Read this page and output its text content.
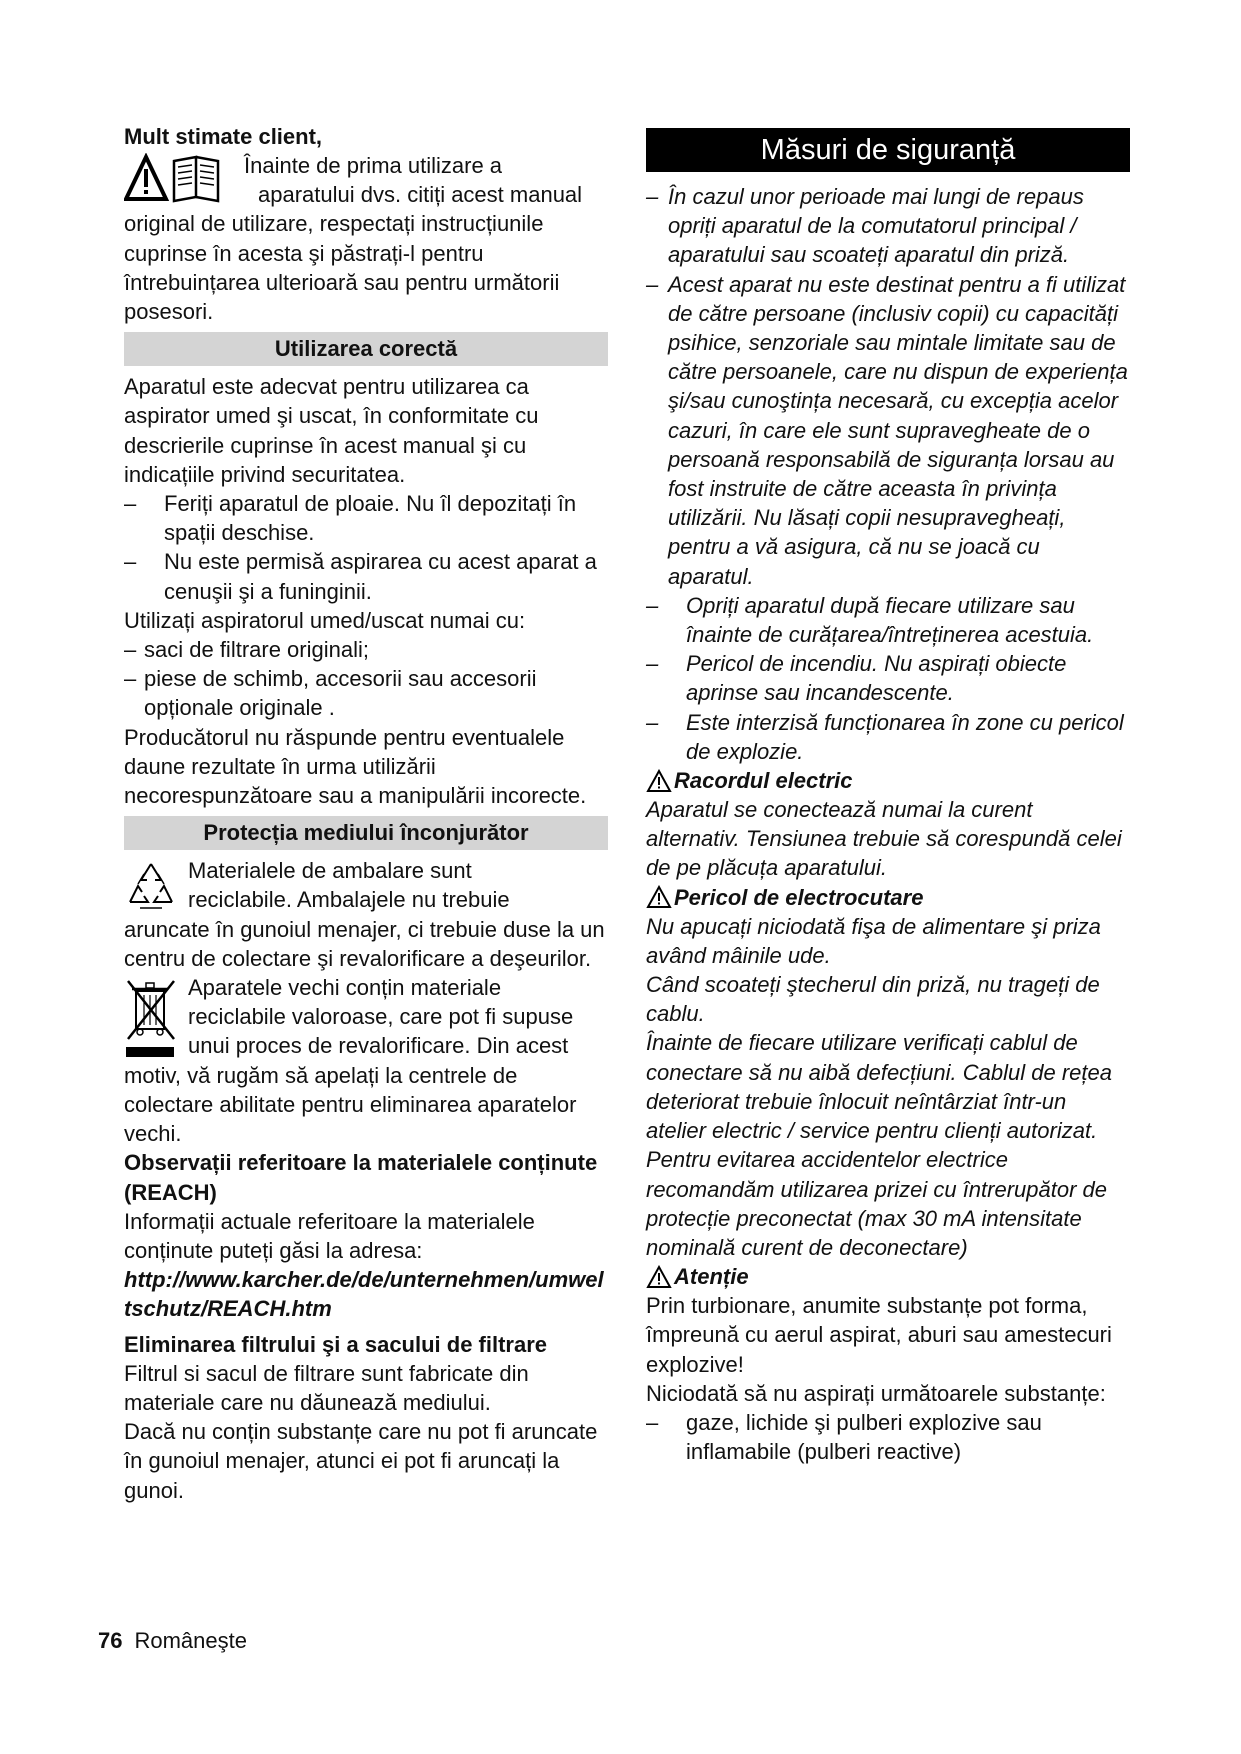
Mult stimate client,

Înainte de prima utilizare a

aparatului dvs. citiți acest manual

original de utilizare, respectați instrucțiunile cuprinse în acesta şi păstrați-l pentru întrebuințarea ulterioară sau pentru următorii posesori.

Utilizarea corectă

Aparatul este adecvat pentru utilizarea ca aspirator umed şi uscat, în conformitate cu descrierile cuprinse în acest manual şi cu indicațiile privind securitatea.

–	Feriți aparatul de ploaie. Nu îl depozitați în spații deschise.
–	Nu este permisă aspirarea cu acest aparat a cenuşii şi a funinginii.

Utilizați aspiratorul umed/uscat numai cu:

– saci de filtrare originali;
– piese de schimb, accesorii sau accesorii opționale originale .

Producătorul nu răspunde pentru eventualele daune rezultate în urma utilizării necorespunzătoare sau a manipulării incorecte.

Protecția mediului înconjurător

Materialele de ambalare sunt

reciclabile. Ambalajele nu trebuie

aruncate în gunoiul menajer, ci trebuie duse la un centru de colectare şi revalorificare a deşeurilor.

Aparatele vechi conțin materiale

reciclabile valoroase, care pot fi supuse

unui proces de revalorificare. Din acest

motiv, vă rugăm să apelați la centrele de colectare abilitate pentru eliminarea aparatelor vechi.

Observații referitoare la materialele conținute (REACH)

Informații actuale referitoare la materialele conținute puteți găsi la adresa:

http://www.karcher.de/de/unternehmen/umweltschutz/REACH.htm

Eliminarea filtrului şi a sacului de filtrare

Filtrul si sacul de filtrare sunt fabricate din materiale care nu dăunează mediului.

Dacă nu conțin substanțe care nu pot fi aruncate în gunoiul menajer, atunci ei pot fi aruncați la gunoi.

Măsuri de siguranță
– În cazul unor perioade mai lungi de repaus opriți aparatul de la comutatorul principal / aparatului sau scoateți aparatul din priză.
– Acest aparat nu este destinat pentru a fi utilizat de către persoane (inclusiv copii) cu capacități psihice, senzoriale sau mintale limitate sau de către persoanele, care nu dispun de experiența şi/sau cunoştința necesară, cu excepția acelor cazuri, în care ele sunt supravegheate de o persoană responsabilă de siguranța lorsau au fost instruite de către aceasta în privința utilizării. Nu lăsați copii nesupravegheați, pentru a vă asigura, că nu se joacă cu aparatul.
–	Opriți aparatul după fiecare utilizare sau înainte de curățarea/întreținerea acestuia.
–	Pericol de incendiu. Nu aspirați obiecte aprinse sau incandescente.
–	Este interzisă funcționarea în zone cu pericol de explozie.
Racordul electric

Aparatul se conectează numai la curent alternativ. Tensiunea trebuie să corespundă celei de pe plăcuța aparatului.

Pericol de electrocutare

Nu apucați niciodată fişa de alimentare şi priza având mâinile ude.

Când scoateți ştecherul din priză, nu trageți de cablu.

Înainte de fiecare utilizare verificați cablul de conectare să nu aibă defecțiuni. Cablul de rețea deteriorat trebuie înlocuit neîntârziat într-un atelier electric / service pentru clienți autorizat.

Pentru evitarea accidentelor electrice recomandăm utilizarea prizei cu întrerupător de protecție preconectat (max 30 mA intensitate nominală curent de deconectare)

Atenție

Prin turbionare, anumite substanțe pot forma, împreună cu aerul aspirat, aburi sau amestecuri explozive!

Niciodată să nu aspirați următoarele substanțe:

–	gaze, lichide şi pulberi explozive sau inflamabile (pulberi reactive)
76 Româneşte
